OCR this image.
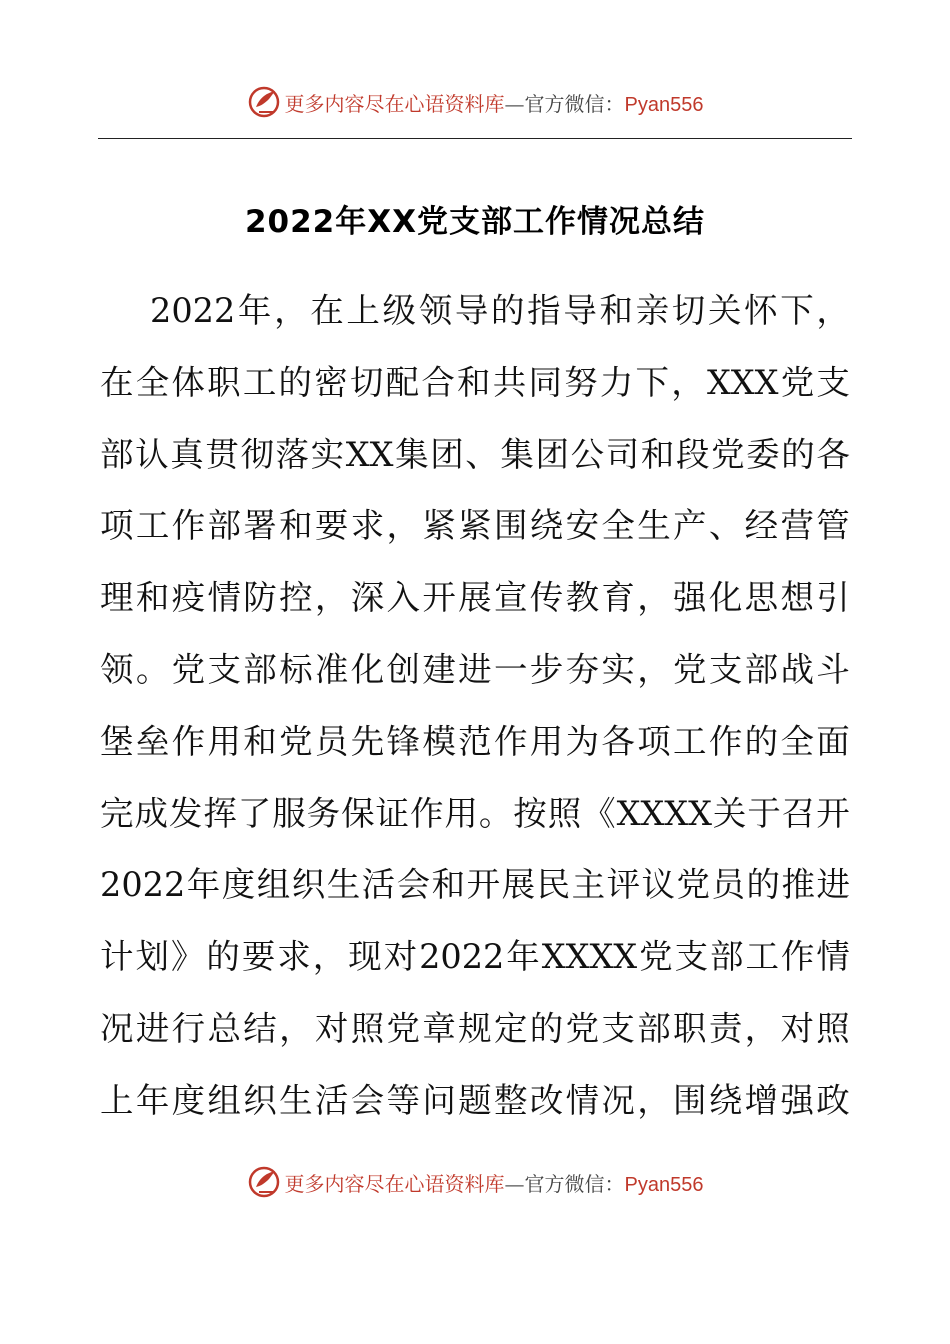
更多内容尽在心语资料库—官方微信：Pyan556
2022年XX党支部工作情况总结
2022 年 ， 在 上 级 领 导 的 指 导 和 亲 切 关 怀 下 ，
在 全 体 职 工 的 密 切 配 合 和 共 同 努 力 下 ， XXX 党 支
部 认 真 贯 彻 落 实 XX 集 团 、 集 团 公 司 和 段 党 委 的 各
项 工 作 部 署 和 要 求 ， 紧 紧 围 绕 安 全 生 产 、 经 营 管
理 和 疫 情 防 控 ， 深 入 开 展 宣 传 教 育 ， 强 化 思 想 引
领 。 党 支 部 标 准 化 创 建 进 一 步 夯 实 ， 党 支 部 战 斗
堡 垒 作 用 和 党 员 先 锋 模 范 作 用 为 各 项 工 作 的 全 面
完 成 发 挥 了 服 务 保 证 作 用 。 按 照 《 XXXX 关 于 召 开
2022 年 度 组 织 生 活 会 和 开 展 民 主 评 议 党 员 的 推 进
计 划 》 的 要 求 ， 现 对 2022 年 XXXX 党 支 部 工 作 情
况 进 行 总 结 ， 对 照 党 章 规 定 的 党 支 部 职 责 ， 对 照
上 年 度 组 织 生 活 会 等 问 题 整 改 情 况 ， 围 绕 增 强 政
更多内容尽在心语资料库—官方微信：Pyan556
